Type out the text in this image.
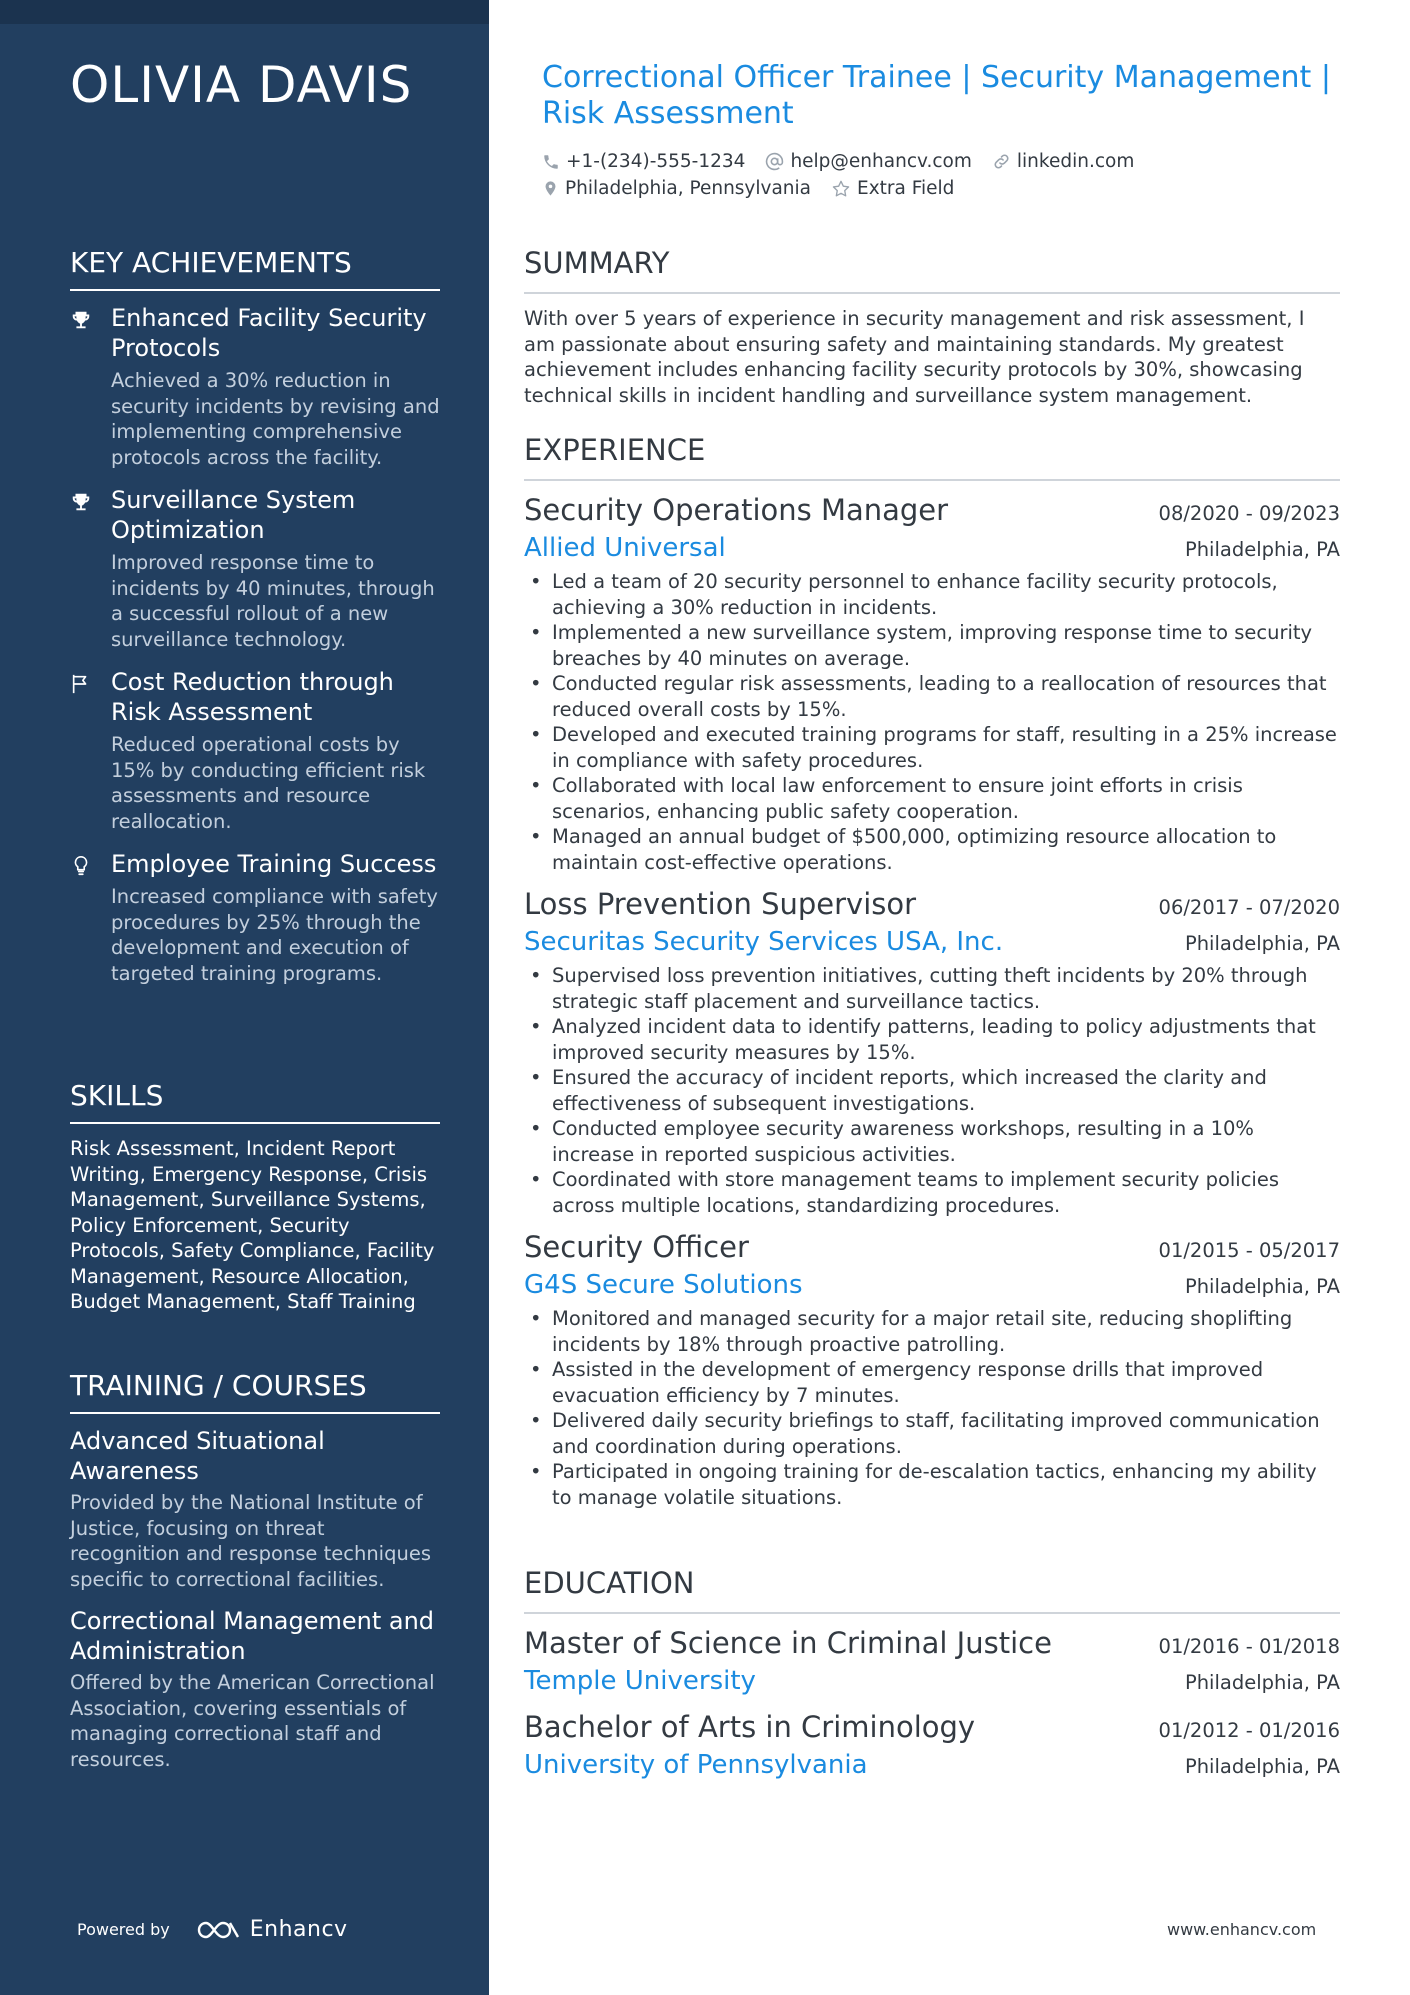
OLIVIA DAVIS
KEY ACHIEVEMENTS
Enhanced Facility Security Protocols
Achieved a 30% reduction in security incidents by revising and implementing comprehensive protocols across the facility.
Surveillance System Optimization
Improved response time to incidents by 40 minutes, through a successful rollout of a new surveillance technology.
Cost Reduction through Risk Assessment
Reduced operational costs by 15% by conducting efficient risk assessments and resource reallocation.
Employee Training Success
Increased compliance with safety procedures by 25% through the development and execution of targeted training programs.
SKILLS
Risk Assessment, Incident Report Writing, Emergency Response, Crisis Management, Surveillance Systems, Policy Enforcement, Security Protocols, Safety Compliance, Facility Management, Resource Allocation, Budget Management, Staff Training
TRAINING / COURSES
Advanced Situational Awareness
Provided by the National Institute of Justice, focusing on threat recognition and response techniques specific to correctional facilities.
Correctional Management and Administration
Offered by the American Correctional Association, covering essentials of managing correctional staff and resources.
Powered by	Enhancv
Correctional Officer Trainee | Security Management | Risk Assessment
+1-(234)-555-1234 help@enhancv.com linkedin.com
Philadelphia, Pennsylvania Extra Field
SUMMARY
With over 5 years of experience in security management and risk assessment, I am passionate about ensuring safety and maintaining standards. My greatest achievement includes enhancing facility security protocols by 30%, showcasing technical skills in incident handling and surveillance system management.
EXPERIENCE
Security Operations Manager	08/2020 - 09/2023
Allied Universal	Philadelphia, PA
• Led a team of 20 security personnel to enhance facility security protocols, achieving a 30% reduction in incidents.
• Implemented a new surveillance system, improving response time to security breaches by 40 minutes on average.
• Conducted regular risk assessments, leading to a reallocation of resources that reduced overall costs by 15%.
• Developed and executed training programs for staff, resulting in a 25% increase in compliance with safety procedures.
• Collaborated with local law enforcement to ensure joint efforts in crisis scenarios, enhancing public safety cooperation.
• Managed an annual budget of $500,000, optimizing resource allocation to maintain cost-effective operations.
Loss Prevention Supervisor	06/2017 - 07/2020
Securitas Security Services USA, Inc.	Philadelphia, PA
• Supervised loss prevention initiatives, cutting theft incidents by 20% through strategic staff placement and surveillance tactics.
• Analyzed incident data to identify patterns, leading to policy adjustments that improved security measures by 15%.
• Ensured the accuracy of incident reports, which increased the clarity and effectiveness of subsequent investigations.
• Conducted employee security awareness workshops, resulting in a 10% increase in reported suspicious activities.
• Coordinated with store management teams to implement security policies across multiple locations, standardizing procedures.
Security Officer	01/2015 - 05/2017
G4S Secure Solutions	Philadelphia, PA
• Monitored and managed security for a major retail site, reducing shoplifting incidents by 18% through proactive patrolling.
• Assisted in the development of emergency response drills that improved evacuation efficiency by 7 minutes.
• Delivered daily security briefings to staff, facilitating improved communication and coordination during operations.
• Participated in ongoing training for de-escalation tactics, enhancing my ability to manage volatile situations.
EDUCATION
Master of Science in Criminal Justice	01/2016 - 01/2018
Temple University	Philadelphia, PA
Bachelor of Arts in Criminology	01/2012 - 01/2016
University of Pennsylvania	Philadelphia, PA
www.enhancv.com
